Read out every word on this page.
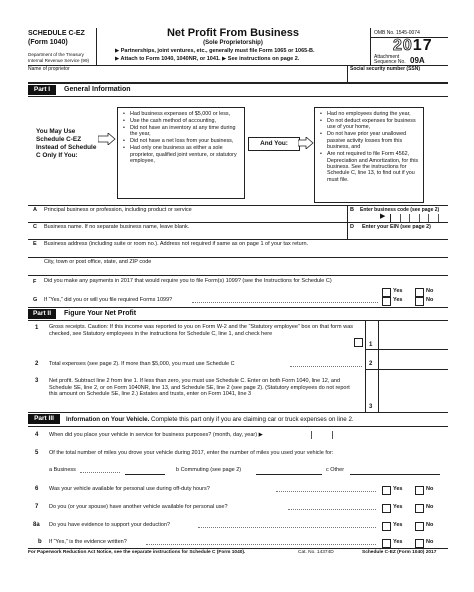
SCHEDULE C-EZ
(Form 1040)
Department of the Treasury
Internal Revenue Service (99)
Net Profit From Business
(Sole Proprietorship)
▶ Partnerships, joint ventures, etc., generally must file Form 1065 or 1065-B.
▶ Attach to Form 1040, 1040NR, or 1041. ▶ See instructions on page 2.
OMB No. 1545-0074
2017
Attachment
Sequence No. 09A
Name of proprietor	Social security number (SSN)
Part I	General Information
You May Use Schedule C-EZ Instead of Schedule C Only If You:
• Had business expenses of $5,000 or less,
• Use the cash method of accounting,
• Did not have an inventory at any time during the year,
• Did not have a net loss from your business,
• Had only one business as either a sole proprietor, qualified joint venture, or statutory employee,
And You:
• Had no employees during the year,
• Do not deduct expenses for business use of your home,
• Do not have prior year unallowed passive activity losses from this business, and
• Are not required to file Form 4562, Depreciation and Amortization, for this business. See the instructions for Schedule C, line 13, to find out if you must file.
A Principal business or profession, including product or service	B Enter business code (see page 2)
▶
C Business name. If no separate business name, leave blank.	D Enter your EIN (see page 2)
E Business address (including suite or room no.). Address not required if same as on page 1 of your tax return.
City, town or post office, state, and ZIP code
F Did you make any payments in 2017 that would require you to file Form(s) 1099? (see the Instructions for Schedule C)
Yes	No
G If “Yes,” did you or will you file required Forms 1099?	Yes	No
Part II	Figure Your Net Profit
1 Gross receipts. Caution: If this income was reported to you on Form W-2 and the “Statutory employee” box on that form was checked, see Statutory employees in the instructions for Schedule C, line 1, and check here
1
2 Total expenses (see page 2). If more than $5,000, you must use Schedule C	2
3 Net profit. Subtract line 2 from line 1. If less than zero, you must use Schedule C. Enter on both Form 1040, line 12, and Schedule SE, line 2, or on Form 1040NR, line 13, and Schedule SE, line 2 (see page 2). (Statutory employees do not report this amount on Schedule SE, line 2.) Estates and trusts, enter on Form 1041, line 3
3
Part III	Information on Your Vehicle. Complete this part only if you are claiming car or truck expenses on line 2.
4 When did you place your vehicle in service for business purposes? (month, day, year) ▶
5 Of the total number of miles you drove your vehicle during 2017, enter the number of miles you used your vehicle for:
a Business	b Commuting (see page 2)	c Other
6 Was your vehicle available for personal use during off-duty hours?	Yes	No
7 Do you (or your spouse) have another vehicle available for personal use?	Yes	No
8a Do you have evidence to support your deduction?	Yes	No
b If “Yes,” is the evidence written?	Yes	No
For Paperwork Reduction Act Notice, see the separate instructions for Schedule C (Form 1040).	Cat. No. 14374D	Schedule C-EZ (Form 1040) 2017
